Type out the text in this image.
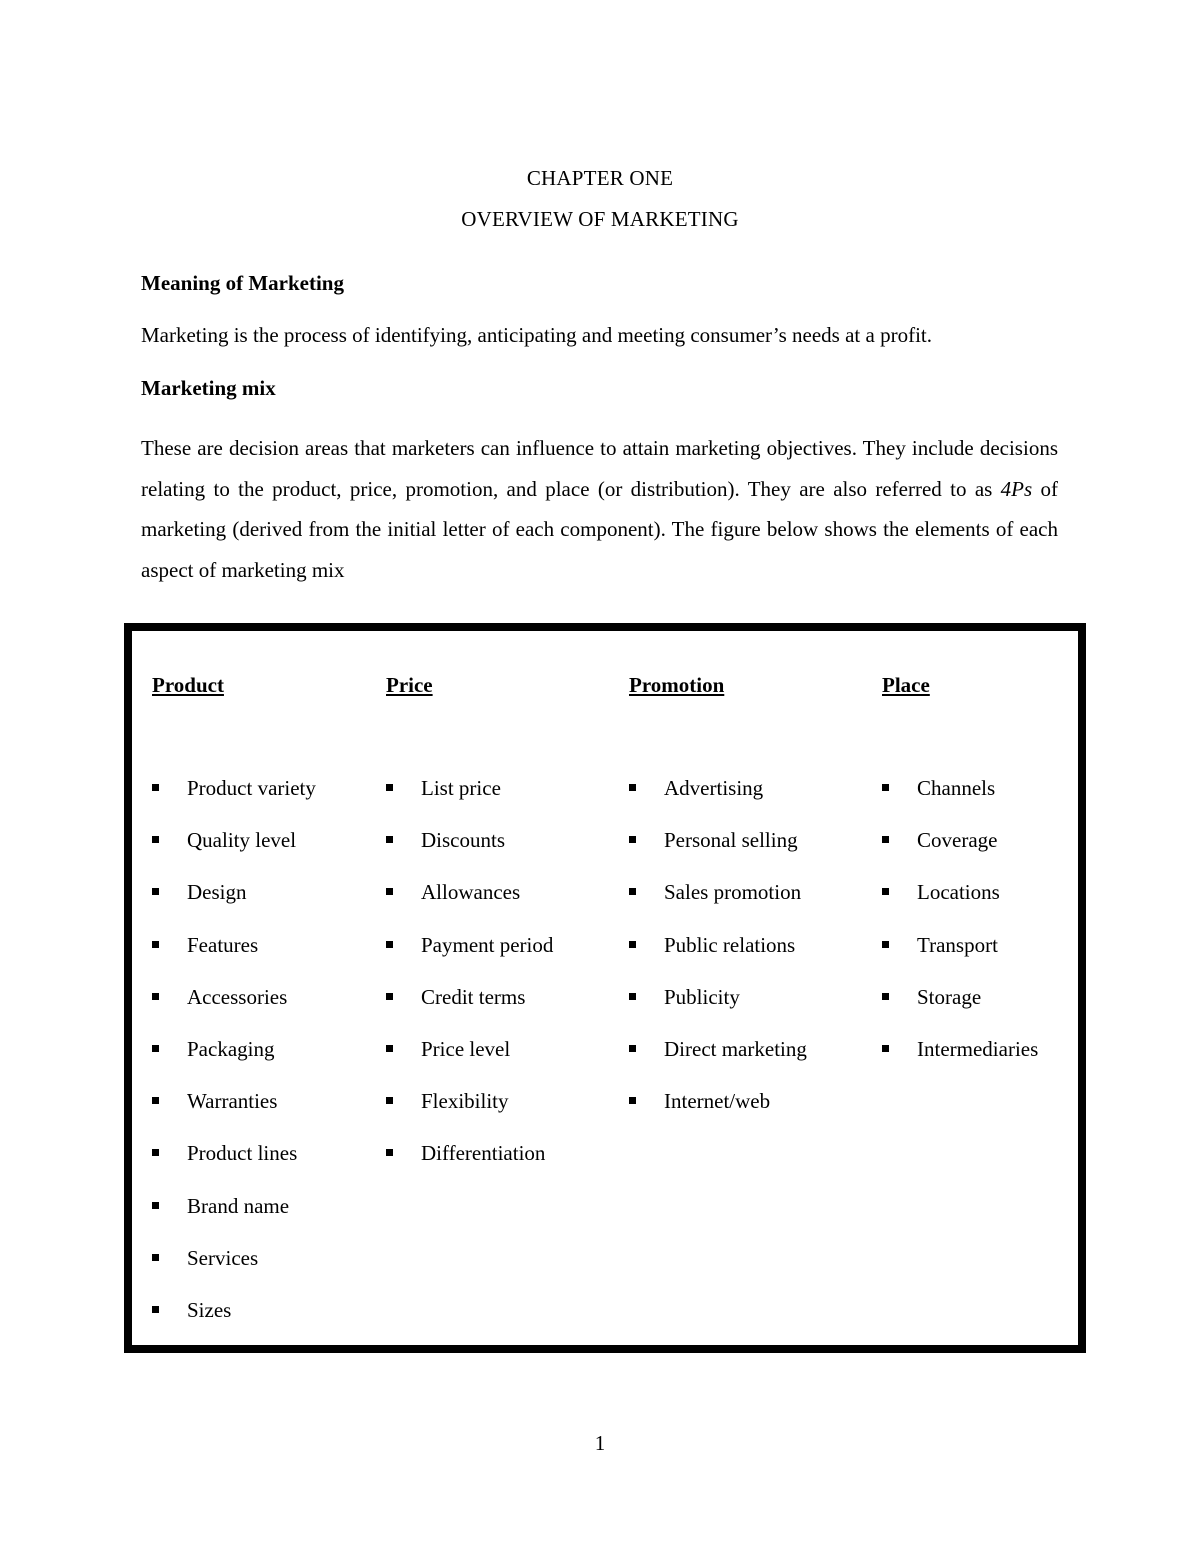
CHAPTER ONE
OVERVIEW OF MARKETING
Meaning of Marketing
Marketing is the process of identifying, anticipating and meeting consumer’s needs at a profit.
Marketing mix
These are decision areas that marketers can influence to attain marketing objectives. They include decisions relating to the product, price, promotion, and place (or distribution). They are also referred to as 4Ps of marketing (derived from the initial letter of each component). The figure below shows the elements of each aspect of marketing mix
Product
Product variety
Quality level
Design
Features
Accessories
Packaging
Warranties
Product lines
Brand name
Services
Sizes
Price
List price
Discounts
Allowances
Payment period
Credit terms
Price level
Flexibility
Differentiation
Promotion
Advertising
Personal selling
Sales promotion
Public relations
Publicity
Direct marketing
Internet/web
Place
Channels
Coverage
Locations
Transport
Storage
Intermediaries
1
